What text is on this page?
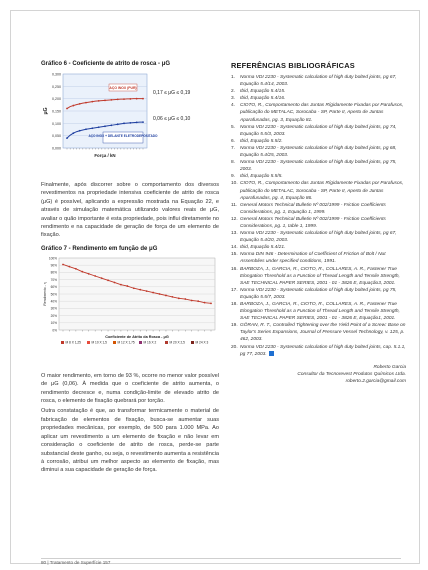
Gráfico 6 - Coeficiente de atrito de rosca - μG
0,300
0,250
0,200
0,150
0,100
0,050
0,000
μG
AÇO INOX (PUR)
AÇO INOX + DELANTE ELETRODEPOSITADO
Força / kN
0,17 ≤ μG ≤ 0,19
0,06 ≤ μG ≤ 0,10

Finalmente, após discorrer sobre o comportamento dos diversos revestimentos na propriedade intensiva coeficiente de atrito de rosca (μG) é possível, aplicando a expressão mostrada na Equação 22, e através de simulação matemática utilizando valores reais de μG, avaliar o quão importante é esta propriedade, pois influi diretamente no rendimento e na capacidade de geração de força de um elemento de fixação.

Gráfico 7 - Rendimento em função de μG
100%
90%
80%
70%
60%
50%
40%
30%
20%
10%
0%
Rendimento - η
Coeficiente de Atrito da Rosca - μG
M 8 X 1,25	M 10 X 1,5	M 12 X 1,75	M 16 X 2	M 20 X 2,5	M 24 X 3

O maior rendimento, em torno de 93 %, ocorre no menor valor possível de μG (0,06). À medida que o coeficiente de atrito aumenta, o rendimento decresce e, numa condição-limite de elevado atrito de rosca, o elemento de fixação quebrará por torção.

Outra constatação é que, ao transformar termicamente o material de fabricação de elementos de fixação, busca-se aumentar suas propriedades mecânicas, por exemplo, de 500 para 1.000 MPa. Ao aplicar um revestimento a um elemento de fixação e não levar em consideração o coeficiente de atrito de rosca, perde-se parte substancial deste ganho, ou seja, o revestimento aumenta a resistência à corrosão, atribui um melhor aspecto ao elemento de fixação, mas diminui a sua capacidade de geração de força.

REFERÊNCIAS BIBLIOGRÁFICAS
1.	Norma VDI 2230 - Systematic calculation of high duty bolted joints, pg 67, Equação 5.4/14, 2003.
2.	Ibid, Equação 5.4/15.
3.	Ibid, Equação 5.4/16.
4.	CIOTO, R., Comportamento das Juntas Rígidamente Fixadas por Parafusos, publicação do METALAC, Sorocaba - SP, Parte II, Aperto de Juntas Aparafusadas, pg. 3, Equação 81.
5.	Norma VDI 2230 - Systematic calculation of high duty bolted joints, pg 74, Equação 5.5/3, 2003.
6.	Ibid, Equação 5.5/2.
7.	Norma VDI 2230 - Systematic calculation of high duty bolted joints, pg 68, Equação 5.4/25, 2003.
8.	Norma VDI 2230 - Systematic calculation of high duty bolted joints, pg 75, 2003.
9.	Ibid, Equação 5.5/5.
10. CIOTO, R., Comportamento das Juntas Rígidamente Fixadas por Parafusos, publicação do METALAC, Sorocaba - SP, Parte II, Aperto de Juntas Aparafusadas, pg. 4, Equação 86.
11. General Motors Technical Bulletin Nº 002/1999 - Friction Coefficients Considerations, pg. 1, Equação 1, 1999.
12. General Motors Technical Bulletin Nº 002/1999 - Friction Coefficients Considerations, pg. 1, table 1, 1999.
13. Norma VDI 2230 - Systematic calculation of high duty bolted joints, pg 67, Equação 5.4/20, 2003.
14. Ibid, Equação 5.4/21.
15. Norma DIN 946 - Determination of Coefficient of Friction of Bolt / Nut Assemblies under specified conditions, 1991.
16. BARBOZA, J., GARCIA, R., CIOTO, R., COLLARES, A. R., Fastener True Elongation Threshold as a Function of Thread Length and Tensile Strength, SAE TECHNICAL PAPER SERIES, 2001 - 01 - 3826 E, Equação3, 2001.
17. Norma VDI 2230 - Systematic calculation of high duty bolted joints, pg 75, Equação 5.5/7, 2003.
18. BARBOZA, J., GARCIA, R., CIOTO, R., COLLARES, A. R., Fastener True Elongation Threshold as a Function of Thread Length and Tensile Strength, SAE TECHNICAL PAPER SERIES, 2001 - 01 - 3826 E, Equação1, 2001.
19. GÖRAN, R. T., Controlled Tightening over the Yield Point of a Screw: Base on Taylor's Series Expansions, Journal of Pressure Vessel Technology, v. 125, p. 462, 2003.
20. Norma VDI 2230 - Systematic calculation of high duty bolted joints, cap. 5.1.1, pg 77, 2003.
Roberto Garcia
Consultor da Tecnorevest Produtos Químicos Ltda.
roberto.2.garcia@gmail.com
80 | Tratamento de Superfície 157
